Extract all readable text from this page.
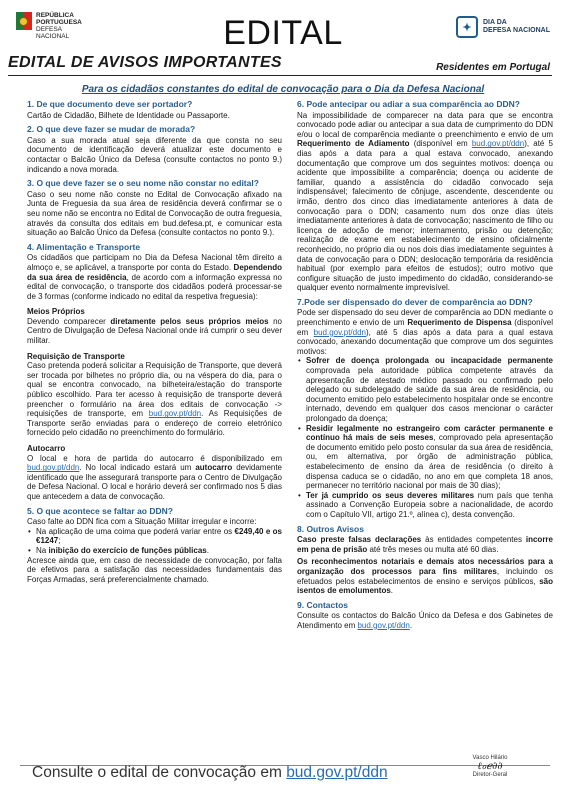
REPÚBLICA
PORTUGUESA
DEFESA
NACIONAL	EDITAL	✦	DIA DA
DEFESA NACIONAL
EDITAL DE AVISOS IMPORTANTES	Residentes em Portugal
Para os cidadãos constantes do edital de convocação para o Dia da Defesa Nacional
1. De que documento deve ser portador?

Cartão de Cidadão, Bilhete de Identidade ou Passaporte.

2. O que deve fazer se mudar de morada?

Caso a sua morada atual seja diferente da que consta no seu documento de identificação deverá atualizar este documento e contactar o Balcão Único da Defesa (consulte contactos no ponto 9.) indicando a nova morada.

3. O que deve fazer se o seu nome não constar no edital?

Caso o seu nome não conste no Edital de Convocação afixado na Junta de Freguesia da sua área de residência deverá confirmar se o seu nome não se encontra no Edital de Convocação de outra freguesia, através da consulta dos editais em bud.defesa.pt, e comunicar esta situação ao Balcão Único da Defesa (consulte contactos no ponto 9.).

4. Alimentação e Transporte

Os cidadãos que participam no Dia da Defesa Nacional têm direito a almoço e, se aplicável, a transporte por conta do Estado. Dependendo da sua área de residência, de acordo com a informação expressa no edital de convocação, o transporte dos cidadãos poderá processar-se de 3 formas (conforme indicado no edital da respetiva freguesia):

Meios Próprios

Devendo comparecer diretamente pelos seus próprios meios no Centro de Divulgação de Defesa Nacional onde irá cumprir o seu dever militar.

Requisição de Transporte

Caso pretenda poderá solicitar a Requisição de Transporte, que deverá ser trocada por bilhetes no próprio dia, ou na véspera do dia, para o qual se encontra convocado, na bilheteira/estação do transporte público escolhido. Para ter acesso à requisição de transporte deverá preencher o formulário na área dos editais de convocação -> requisições de transporte, em bud.gov.pt/ddn. As Requisições de Transporte serão enviadas para o endereço de correio eletrónico fornecido pelo cidadão no preenchimento do formulário.

Autocarro

O local e hora de partida do autocarro é disponibilizado em bud.gov.pt/ddn. No local indicado estará um autocarro devidamente identificado que lhe assegurará transporte para o Centro de Divulgação de Defesa Nacional. O local e horário deverá ser confirmado nos 5 dias que antecedem a data de convocação.

5. O que acontece se faltar ao DDN?

Caso falte ao DDN fica com a Situação Militar irregular e incorre:

• Na aplicação de uma coima que poderá variar entre os €249,40 e os €1247;
• Na inibição do exercício de funções públicas.

Acresce ainda que, em caso de necessidade de convocação, por falta de efetivos para a satisfação das necessidades fundamentais das Forças Armadas, será preferencialmente chamado.

6. Pode antecipar ou adiar a sua comparência ao DDN?

Na impossibilidade de comparecer na data para que se encontra convocado pode adiar ou antecipar a sua data de cumprimento do DDN e/ou o local de comparência mediante o preenchimento e envio de um Requerimento de Adiamento (disponível em bud.gov.pt/ddn), até 5 dias após a data para a qual estava convocado, anexando documentação que comprove um dos seguintes motivos: doença ou acidente que impossibilite a comparência; doença ou acidente de familiar, quando a assistência do cidadão convocado seja indispensável; falecimento de cônjuge, ascendente, descendente ou irmão, dentro dos cinco dias imediatamente anteriores à data de convocação para o DDN; casamento num dos onze dias úteis imediatamente anteriores à data de convocação; nascimento de filho ou licença de adoção de menor; internamento, prisão ou detenção; realização de exame em estabelecimento de ensino oficialmente reconhecido, no próprio dia ou nos dois dias imediatamente seguintes à data de convocação para o DDN; deslocação temporária da residência habitual (por exemplo para efeitos de estudos); outro motivo que configure situação de justo impedimento do cidadão, considerando-se qualquer evento normalmente imprevisível.

7.Pode ser dispensado do dever de comparência ao DDN?

Pode ser dispensado do seu dever de comparência ao DDN mediante o preenchimento e envio de um Requerimento de Dispensa (disponível em bud.gov.pt/ddn), até 5 dias após a data para a qual estava convocado, anexando documentação que comprove um dos seguintes motivos:

• Sofrer de doença prolongada ou incapacidade permanente comprovada pela autoridade pública competente através da apresentação de atestado médico passado ou confirmado pelo delegado ou subdelegado de saúde da sua área de residência, ou documento emitido pelo estabelecimento hospitalar onde se encontre internado, devendo em qualquer dos casos mencionar o carácter prolongado da doença;
• Residir legalmente no estrangeiro com carácter permanente e contínuo há mais de seis meses, comprovado pela apresentação de documento emitido pelo posto consular da sua área de residência, ou, em alternativa, por órgão de administração pública, estabelecimento de ensino da área de residência (o direito à dispensa caduca se o cidadão, no ano em que completa 18 anos, permanecer no território nacional por mais de 30 dias);
• Ter já cumprido os seus deveres militares num país que tenha assinado a Convenção Europeia sobre a nacionalidade, de acordo com o Capítulo VII, artigo 21.º, alínea c), desta convenção.
8. Outros Avisos

Caso preste falsas declarações às entidades competentes incorre em pena de prisão até três meses ou multa até 60 dias.

Os reconhecimentos notariais e demais atos necessários para a organização dos processos para fins militares, incluindo os efetuados pelos estabelecimentos de ensino e serviços públicos, são isentos de emolumentos.

9. Contactos

Consulte os contactos do Balcão Único da Defesa e dos Gabinetes de Atendimento em bud.gov.pt/ddn.

Consulte o edital de convocação em bud.gov.pt/ddn
Vasco Hilário
ℓℴℯ∂∂
Diretor-Geral
